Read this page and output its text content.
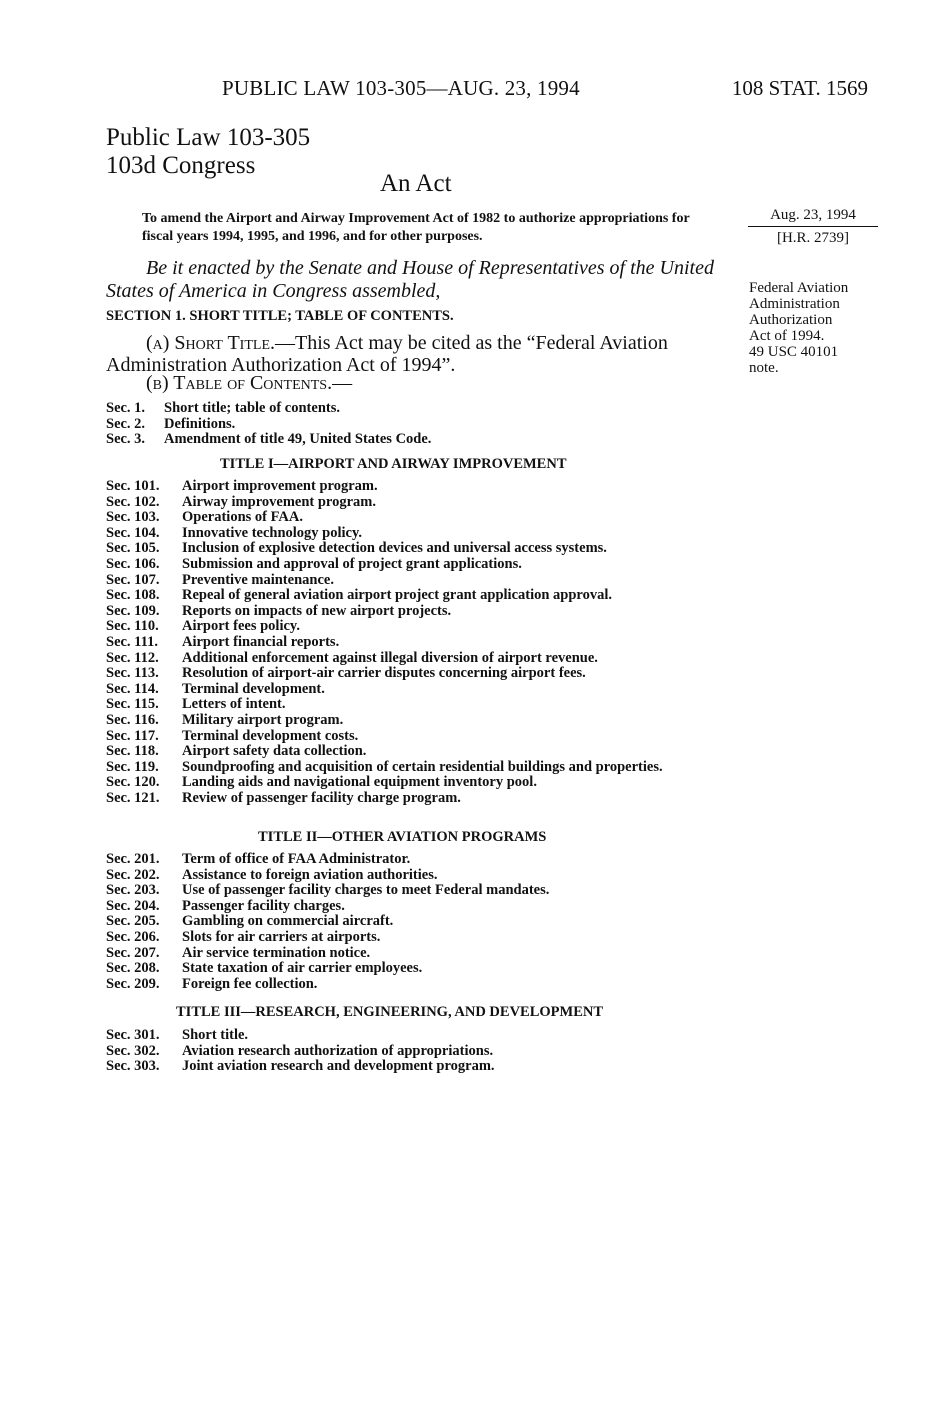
PUBLIC LAW 103-305—AUG. 23, 1994	108 STAT. 1569
Public Law 103-305
103d Congress
An Act
To amend the Airport and Airway Improvement Act of 1982 to authorize appropriations for fiscal years 1994, 1995, and 1996, and for other purposes.
Aug. 23, 1994
[H.R. 2739]
Federal Aviation
Administration
Authorization
Act of 1994.
49 USC 40101
note.
Be it enacted by the Senate and House of Representatives of the United States of America in Congress assembled,
SECTION 1. SHORT TITLE; TABLE OF CONTENTS.
(a) Short Title.—This Act may be cited as the “Federal Aviation Administration Authorization Act of 1994”.
(b) Table of Contents.—
Sec. 1.	Short title; table of contents.
Sec. 2.	Definitions.
Sec. 3.	Amendment of title 49, United States Code.
TITLE I—AIRPORT AND AIRWAY IMPROVEMENT
Sec. 101.	Airport improvement program.
Sec. 102.	Airway improvement program.
Sec. 103.	Operations of FAA.
Sec. 104.	Innovative technology policy.
Sec. 105.	Inclusion of explosive detection devices and universal access systems.
Sec. 106.	Submission and approval of project grant applications.
Sec. 107.	Preventive maintenance.
Sec. 108.	Repeal of general aviation airport project grant application approval.
Sec. 109.	Reports on impacts of new airport projects.
Sec. 110.	Airport fees policy.
Sec. 111.	Airport financial reports.
Sec. 112.	Additional enforcement against illegal diversion of airport revenue.
Sec. 113.	Resolution of airport-air carrier disputes concerning airport fees.
Sec. 114.	Terminal development.
Sec. 115.	Letters of intent.
Sec. 116.	Military airport program.
Sec. 117.	Terminal development costs.
Sec. 118.	Airport safety data collection.
Sec. 119.	Soundproofing and acquisition of certain residential buildings and properties.
Sec. 120.	Landing aids and navigational equipment inventory pool.
Sec. 121.	Review of passenger facility charge program.
TITLE II—OTHER AVIATION PROGRAMS
Sec. 201.	Term of office of FAA Administrator.
Sec. 202.	Assistance to foreign aviation authorities.
Sec. 203.	Use of passenger facility charges to meet Federal mandates.
Sec. 204.	Passenger facility charges.
Sec. 205.	Gambling on commercial aircraft.
Sec. 206.	Slots for air carriers at airports.
Sec. 207.	Air service termination notice.
Sec. 208.	State taxation of air carrier employees.
Sec. 209.	Foreign fee collection.
TITLE III—RESEARCH, ENGINEERING, AND DEVELOPMENT
Sec. 301.	Short title.
Sec. 302.	Aviation research authorization of appropriations.
Sec. 303.	Joint aviation research and development program.
